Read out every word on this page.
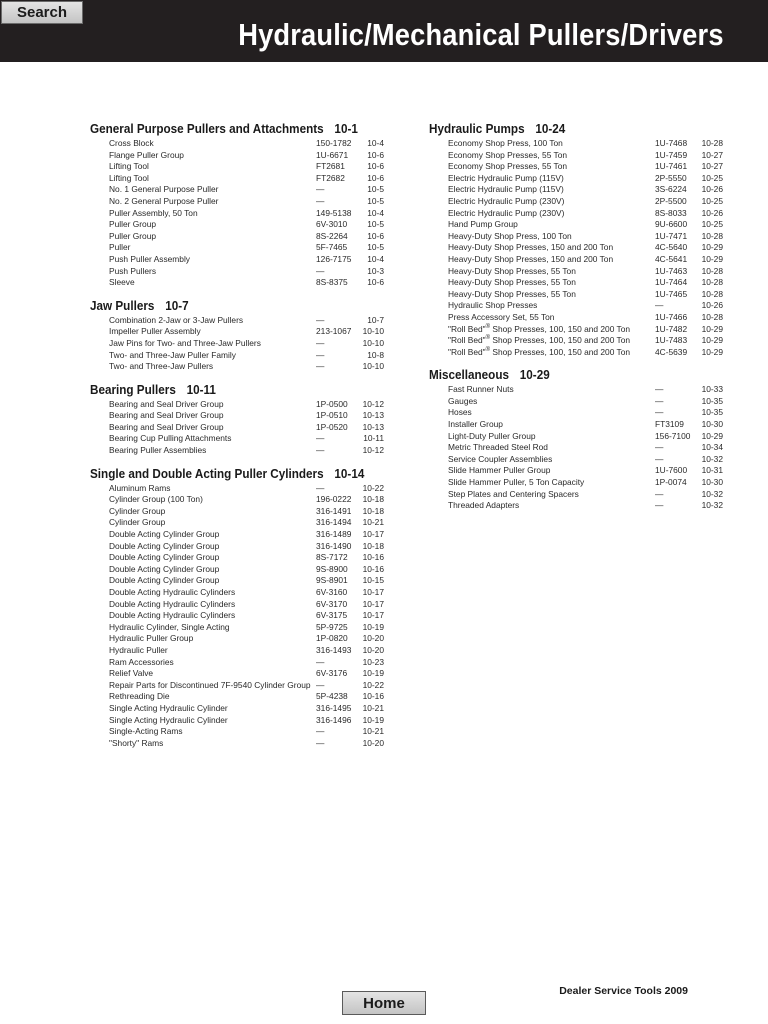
Search
Hydraulic/Mechanical Pullers/Drivers
General Purpose Pullers and Attachments 10-1
Cross Block	150-1782 10-4
Flange Puller Group	1U-6671 10-6
Lifting Tool	FT2681	10-6
Lifting Tool	FT2682	10-6
No. 1 General Purpose Puller	—	10-5
No. 2 General Purpose Puller	—	10-5
Puller Assembly, 50 Ton	149-5138 10-4
Puller Group	6V-3010 10-5
Puller Group	8S-2264 10-6
Puller	5F-7465 10-5
Push Puller Assembly	126-7175 10-4
Push Pullers	—	10-3
Sleeve	8S-8375 10-6
Jaw Pullers 10-7
Combination 2-Jaw or 3-Jaw Pullers	—	10-7
Impeller Puller Assembly	213-1067 10-10
Jaw Pins for Two- and Three-Jaw Pullers	—	10-10
Two- and Three-Jaw Puller Family	—	10-8
Two- and Three-Jaw Pullers	—	10-10
Bearing Pullers 10-11
Bearing and Seal Driver Group	1P-0500 10-12
Bearing and Seal Driver Group	1P-0510 10-13
Bearing and Seal Driver Group	1P-0520 10-13
Bearing Cup Pulling Attachments	—	10-11
Bearing Puller Assemblies	—	10-12
Single and Double Acting Puller Cylinders 10-14
Aluminum Rams	—	10-22
Cylinder Group (100 Ton)	196-0222 10-18
Cylinder Group	316-1491 10-18
Cylinder Group	316-1494 10-21
Double Acting Cylinder Group	316-1489 10-17
Double Acting Cylinder Group	316-1490 10-18
Double Acting Cylinder Group	8S-7172 10-16
Double Acting Cylinder Group	9S-8900 10-16
Double Acting Cylinder Group	9S-8901 10-15
Double Acting Hydraulic Cylinders	6V-3160 10-17
Double Acting Hydraulic Cylinders	6V-3170 10-17
Double Acting Hydraulic Cylinders	6V-3175 10-17
Hydraulic Cylinder, Single Acting	5P-9725 10-19
Hydraulic Puller Group	1P-0820 10-20
Hydraulic Puller	316-1493 10-20
Ram Accessories	—	10-23
Relief Valve	6V-3176 10-19
Repair Parts for Discontinued 7F-9540 Cylinder Group —	10-22
Rethreading Die	5P-4238 10-16
Single Acting Hydraulic Cylinder	316-1495 10-21
Single Acting Hydraulic Cylinder	316-1496 10-19
Single-Acting Rams	—	10-21
"Shorty" Rams	—	10-20
Hydraulic Pumps 10-24
Economy Shop Press, 100 Ton	1U-7468 10-28
Economy Shop Presses, 55 Ton	1U-7459 10-27
Economy Shop Presses, 55 Ton	1U-7461 10-27
Electric Hydraulic Pump (115V)	2P-5550 10-25
Electric Hydraulic Pump (115V)	3S-6224 10-26
Electric Hydraulic Pump (230V)	2P-5500 10-25
Electric Hydraulic Pump (230V)	8S-8033 10-26
Hand Pump Group	9U-6600 10-25
Heavy-Duty Shop Press, 100 Ton	1U-7471 10-28
Heavy-Duty Shop Presses, 150 and 200 Ton	4C-5640 10-29
Heavy-Duty Shop Presses, 150 and 200 Ton	4C-5641 10-29
Heavy-Duty Shop Presses, 55 Ton	1U-7463 10-28
Heavy-Duty Shop Presses, 55 Ton	1U-7464 10-28
Heavy-Duty Shop Presses, 55 Ton	1U-7465 10-28
Hydraulic Shop Presses	—	10-26
Press Accessory Set, 55 Ton	1U-7466 10-28
"Roll Bed"® Shop Presses, 100, 150 and 200 Ton	1U-7482 10-29
"Roll Bed"® Shop Presses, 100, 150 and 200 Ton	1U-7483 10-29
"Roll Bed"® Shop Presses, 100, 150 and 200 Ton	4C-5639 10-29
Miscellaneous 10-29
Fast Runner Nuts	—	10-33
Gauges	—	10-35
Hoses	—	10-35
Installer Group	FT3109 10-30
Light-Duty Puller Group	156-7100 10-29
Metric Threaded Steel Rod	—	10-34
Service Coupler Assemblies	—	10-32
Slide Hammer Puller Group	1U-7600 10-31
Slide Hammer Puller, 5 Ton Capacity	1P-0074 10-30
Step Plates and Centering Spacers	—	10-32
Threaded Adapters	—	10-32
Dealer Service Tools 2009
Home
